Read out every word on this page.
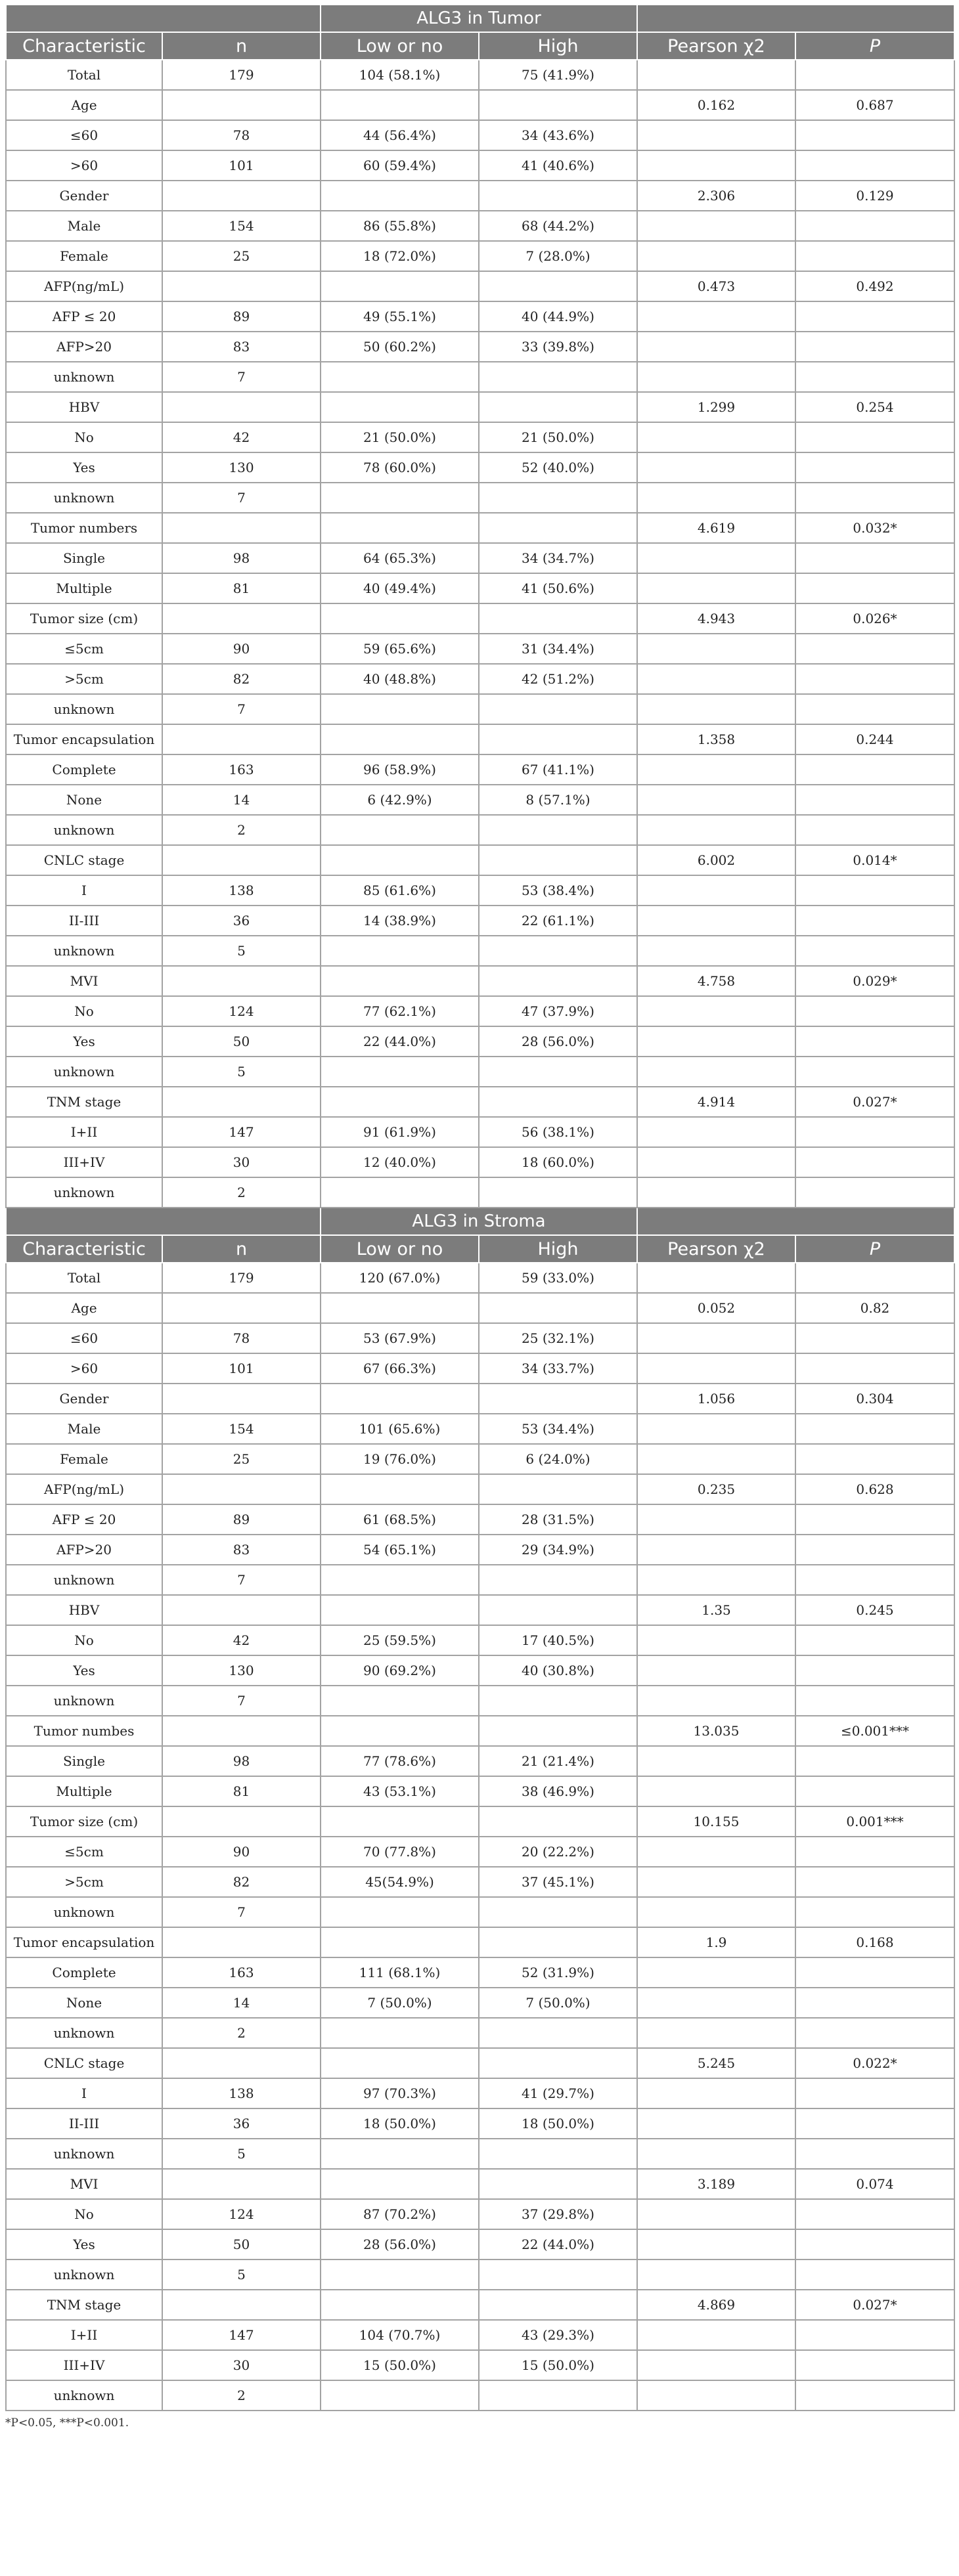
		ALG3 in Tumor			
Characteristic	n	Low or no	High	Pearson χ2	P
Total	179	104 (58.1%)	75 (41.9%)		
Age				0.162	0.687
≤60	78	44 (56.4%)	34 (43.6%)		
>60	101	60 (59.4%)	41 (40.6%)		
Gender				2.306	0.129
Male	154	86 (55.8%)	68 (44.2%)		
Female	25	18 (72.0%)	7 (28.0%)		
AFP(ng/mL)				0.473	0.492
AFP ≤ 20	89	49 (55.1%)	40 (44.9%)		
AFP>20	83	50 (60.2%)	33 (39.8%)		
unknown	7				
HBV				1.299	0.254
No	42	21 (50.0%)	21 (50.0%)		
Yes	130	78 (60.0%)	52 (40.0%)		
unknown	7				
Tumor numbers				4.619	0.032*
Single	98	64 (65.3%)	34 (34.7%)		
Multiple	81	40 (49.4%)	41 (50.6%)		
Tumor size (cm)				4.943	0.026*
≤5cm	90	59 (65.6%)	31 (34.4%)		
>5cm	82	40 (48.8%)	42 (51.2%)		
unknown	7				
Tumor encapsulation				1.358	0.244
Complete	163	96 (58.9%)	67 (41.1%)		
None	14	6 (42.9%)	8 (57.1%)		
unknown	2				
CNLC stage				6.002	0.014*
I	138	85 (61.6%)	53 (38.4%)		
II-III	36	14 (38.9%)	22 (61.1%)		
unknown	5				
MVI				4.758	0.029*
No	124	77 (62.1%)	47 (37.9%)		
Yes	50	22 (44.0%)	28 (56.0%)		
unknown	5				
TNM stage				4.914	0.027*
I+II	147	91 (61.9%)	56 (38.1%)		
III+IV	30	12 (40.0%)	18 (60.0%)		
unknown	2				
		ALG3 in Stroma			
Characteristic	n	Low or no	High	Pearson χ2	P
Total	179	120 (67.0%)	59 (33.0%)		
Age				0.052	0.82
≤60	78	53 (67.9%)	25 (32.1%)		
>60	101	67 (66.3%)	34 (33.7%)		
Gender				1.056	0.304
Male	154	101 (65.6%)	53 (34.4%)		
Female	25	19 (76.0%)	6 (24.0%)		
AFP(ng/mL)				0.235	0.628
AFP ≤ 20	89	61 (68.5%)	28 (31.5%)		
AFP>20	83	54 (65.1%)	29 (34.9%)		
unknown	7				
HBV				1.35	0.245
No	42	25 (59.5%)	17 (40.5%)		
Yes	130	90 (69.2%)	40 (30.8%)		
unknown	7				
Tumor numbes				13.035	≤0.001***
Single	98	77 (78.6%)	21 (21.4%)		
Multiple	81	43 (53.1%)	38 (46.9%)		
Tumor size (cm)				10.155	0.001***
≤5cm	90	70 (77.8%)	20 (22.2%)		
>5cm	82	45(54.9%)	37 (45.1%)		
unknown	7				
Tumor encapsulation				1.9	0.168
Complete	163	111 (68.1%)	52 (31.9%)		
None	14	7 (50.0%)	7 (50.0%)		
unknown	2				
CNLC stage				5.245	0.022*
I	138	97 (70.3%)	41 (29.7%)		
II-III	36	18 (50.0%)	18 (50.0%)		
unknown	5				
MVI				3.189	0.074
No	124	87 (70.2%)	37 (29.8%)		
Yes	50	28 (56.0%)	22 (44.0%)		
unknown	5				
TNM stage				4.869	0.027*
I+II	147	104 (70.7%)	43 (29.3%)		
III+IV	30	15 (50.0%)	15 (50.0%)		
unknown	2				
*P<0.05, ***P<0.001.
